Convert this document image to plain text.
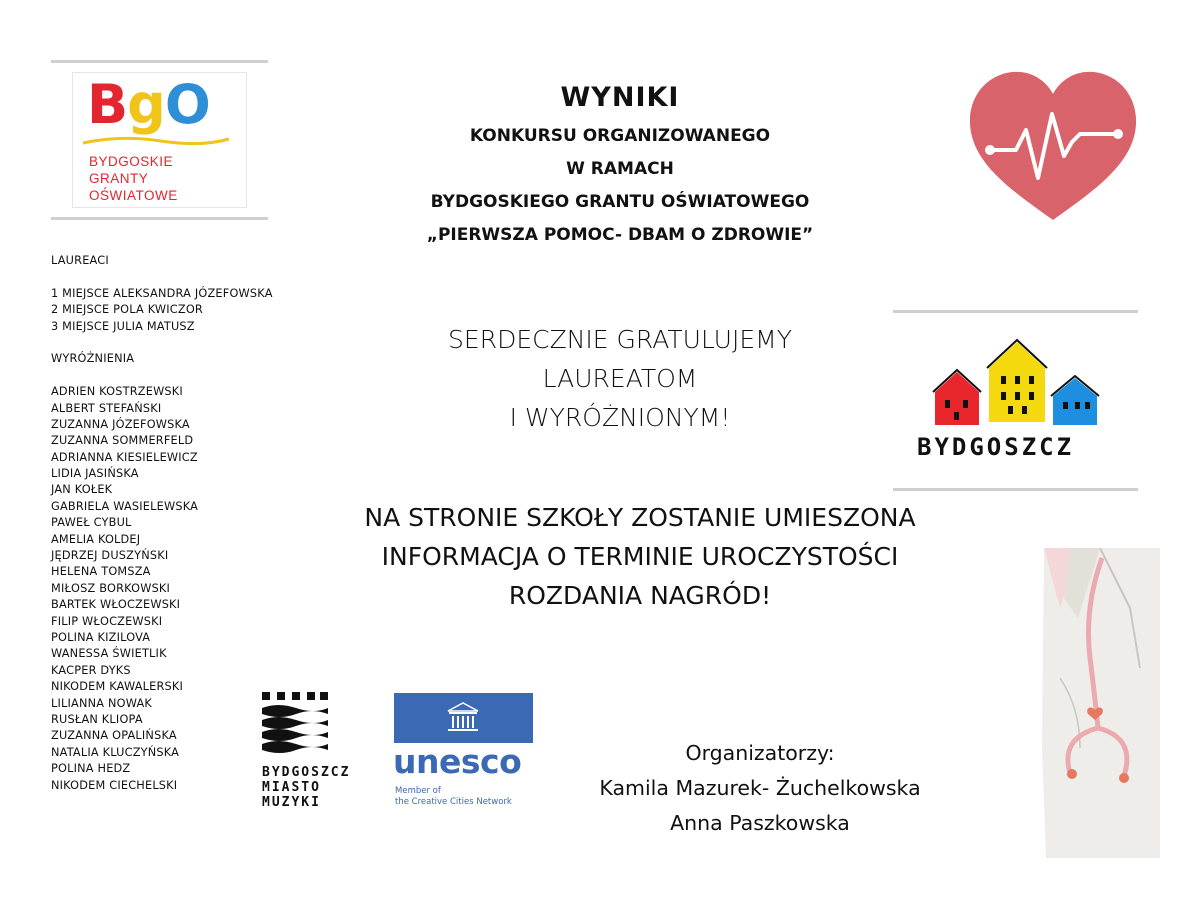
BgO
BYDGOSKIE
GRANTY
OŚWIATOWE
WYNIKI
KONKURSU ORGANIZOWANEGO
W RAMACH
BYDGOSKIEGO GRANTU OŚWIATOWEGO
„PIERWSZA POMOC- DBAM O ZDROWIE”
LAUREACI
1 MIEJSCE ALEKSANDRA JÓZEFOWSKA
2 MIEJSCE POLA KWICZOR
3 MIEJSCE JULIA MATUSZ
WYRÓŻNIENIA
ADRIEN KOSTRZEWSKI
ALBERT STEFAŃSKI
ZUZANNA JÓZEFOWSKA
ZUZANNA SOMMERFELD
ADRIANNA KIESIELEWICZ
LIDIA JASIŃSKA
JAN KOŁEK
GABRIELA WASIELEWSKA
PAWEŁ CYBUL
AMELIA KOLDEJ
JĘDRZEJ DUSZYŃSKI
HELENA TOMSZA
MIŁOSZ BORKOWSKI
BARTEK WŁOCZEWSKI
FILIP WŁOCZEWSKI
POLINA KIZILOVA
WANESSA ŚWIETLIK
KACPER DYKS
NIKODEM KAWALERSKI
LILIANNA NOWAK
RUSŁAN KLIOPA
ZUZANNA OPALIŃSKA
NATALIA KLUCZYŃSKA
POLINA HEDZ
NIKODEM CIECHELSKI
SERDECZNIE GRATULUJEMY
LAUREATOM
I WYRÓŻNIONYM!
BYDGOSZCZ
NA STRONIE SZKOŁY ZOSTANIE UMIESZONA
INFORMACJA O TERMINIE UROCZYSTOŚCI
ROZDANIA NAGRÓD!
BYDGOSZCZ
MIASTO
MUZYKI
unesco
Member of
the Creative Cities Network
Organizatorzy:
Kamila Mazurek- Żuchelkowska
Anna Paszkowska
